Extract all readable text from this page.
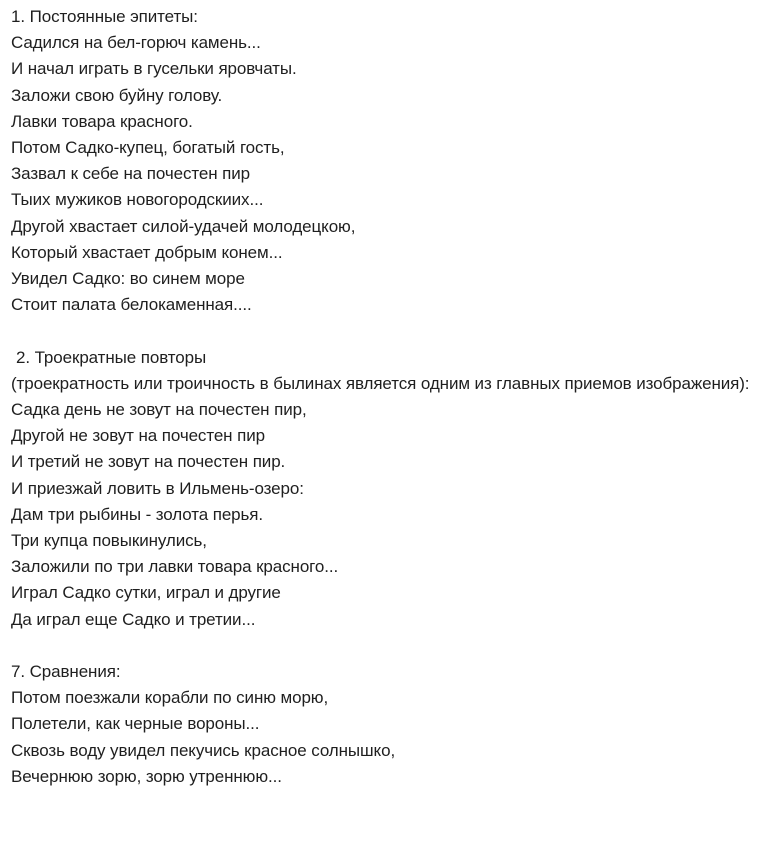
1. Постоянные эпитеты:
Садился на бел-горюч камень...
И начал играть в гусельки яровчаты.
Заложи свою буйну голову.
Лавки товара красного.
Потом Садко-купец, богатый гость,
Зазвал к себе на почестен пир
Тыих мужиков новогородскиих...
Другой хвастает силой-удачей молодецкою,
Который хвастает добрым конем...
Увидел Садко: во синем море
Стоит палата белокаменная....
2. Троекратные повторы
(троекратность или троичность в былинах является одним из главных приемов изображения):
Садка день не зовут на почестен пир,
Другой не зовут на почестен пир
И третий не зовут на почестен пир.
И приезжай ловить в Ильмень-озеро:
Дам три рыбины - золота перья.
Три купца повыкинулись,
Заложили по три лавки товара красного...
Играл Садко сутки, играл и другие
Да играл еще Садко и третии...
7. Сравнения:
Потом поезжали корабли по синю морю,
Полетели, как черные вороны...
Сквозь воду увидел пекучись красное солнышко,
Вечернюю зорю, зорю утреннюю...
